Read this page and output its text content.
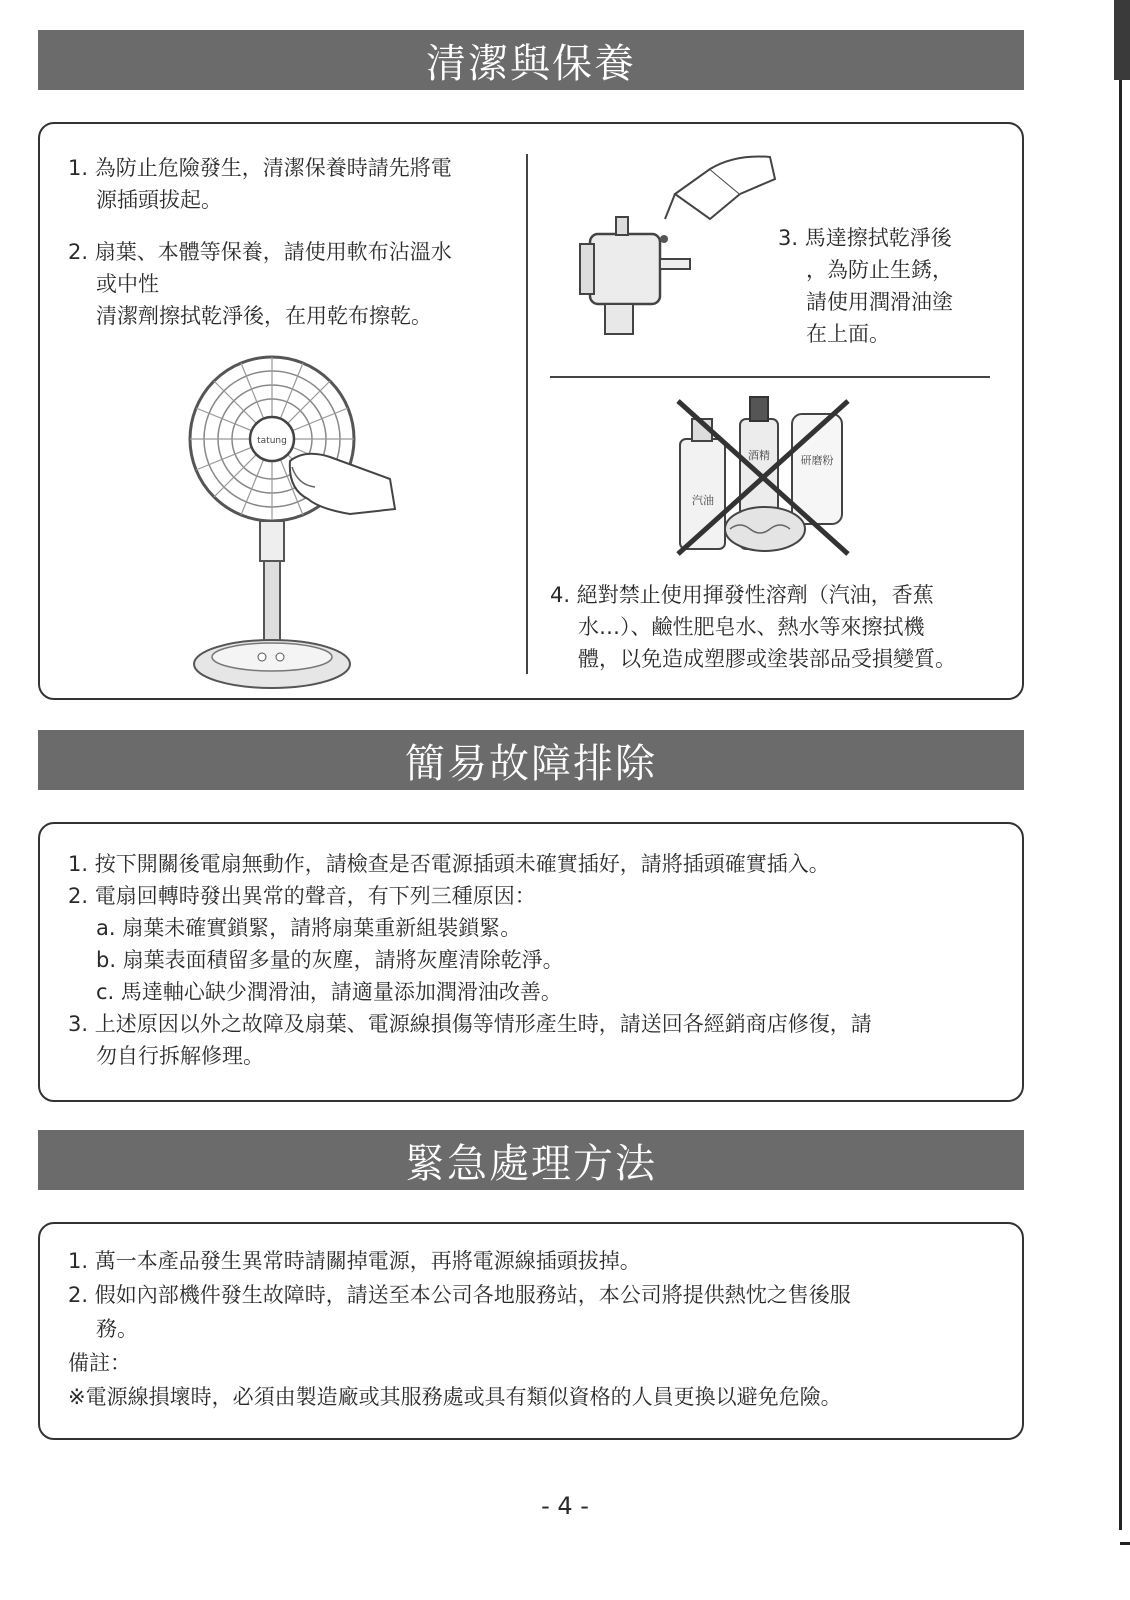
清潔與保養
1. 為防止危險發生，清潔保養時請先將電
源插頭拔起。
2. 扇葉、本體等保養，請使用軟布沾溫水
或中性
清潔劑擦拭乾淨後，在用乾布擦乾。
tatung
3. 馬達擦拭乾淨後
，為防止生銹，
請使用潤滑油塗
在上面。
汽油
酒精	研磨粉
4. 絕對禁止使用揮發性溶劑（汽油，香蕉
水…）、鹼性肥皂水、熱水等來擦拭機
體，以免造成塑膠或塗裝部品受損變質。
簡易故障排除
1. 按下開關後電扇無動作，請檢查是否電源插頭未確實插好，請將插頭確實插入。
2. 電扇回轉時發出異常的聲音，有下列三種原因：
a. 扇葉未確實鎖緊，請將扇葉重新組裝鎖緊。
b. 扇葉表面積留多量的灰塵，請將灰塵清除乾淨。
c. 馬達軸心缺少潤滑油，請適量添加潤滑油改善。
3. 上述原因以外之故障及扇葉、電源線損傷等情形產生時，請送回各經銷商店修復，請
勿自行拆解修理。
緊急處理方法
1. 萬一本產品發生異常時請關掉電源，再將電源線插頭拔掉。
2. 假如內部機件發生故障時，請送至本公司各地服務站，本公司將提供熱忱之售後服
務。
備註：
※電源線損壞時，必須由製造廠或其服務處或具有類似資格的人員更換以避免危險。
- 4 -
